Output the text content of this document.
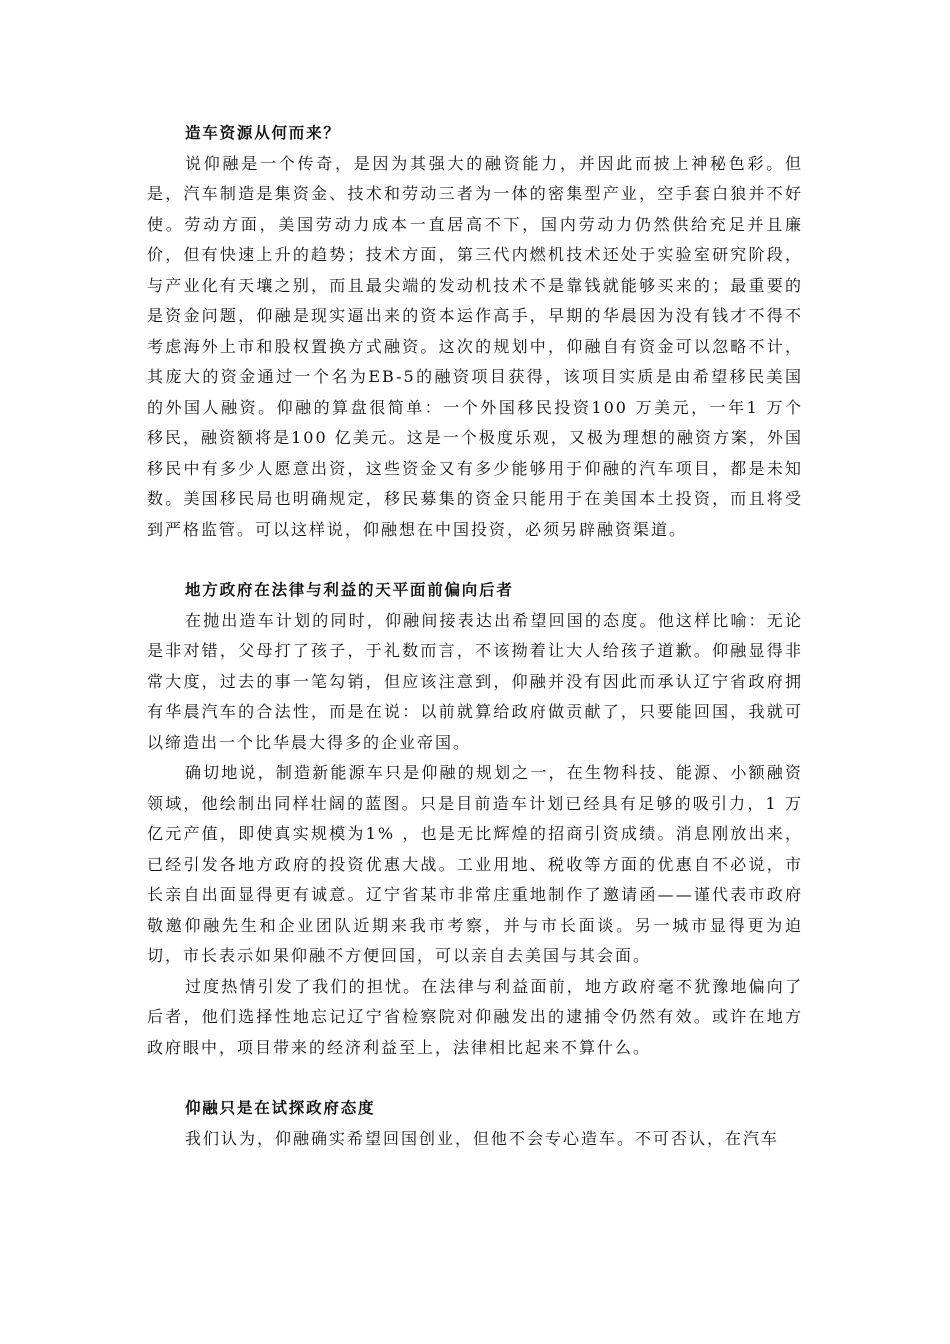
造车资源从何而来？

说仰融是一个传奇，是因为其强大的融资能力，并因此而披上神秘色彩。但是，汽车制造是集资金、技术和劳动三者为一体的密集型产业，空手套白狼并不好使。劳动方面，美国劳动力成本一直居高不下，国内劳动力仍然供给充足并且廉价，但有快速上升的趋势；技术方面，第三代内燃机技术还处于实验室研究阶段，与产业化有天壤之别，而且最尖端的发动机技术不是靠钱就能够买来的；最重要的是资金问题，仰融是现实逼出来的资本运作高手，早期的华晨因为没有钱才不得不考虑海外上市和股权置换方式融资。这次的规划中，仰融自有资金可以忽略不计，其庞大的资金通过一个名为EB-5的融资项目获得，该项目实质是由希望移民美国的外国人融资。仰融的算盘很简单：一个外国移民投资100 万美元，一年1 万个移民，融资额将是100 亿美元。这是一个极度乐观，又极为理想的融资方案，外国移民中有多少人愿意出资，这些资金又有多少能够用于仰融的汽车项目，都是未知数。美国移民局也明确规定，移民募集的资金只能用于在美国本土投资，而且将受到严格监管。可以这样说，仰融想在中国投资，必须另辟融资渠道。

地方政府在法律与利益的天平面前偏向后者

在抛出造车计划的同时，仰融间接表达出希望回国的态度。他这样比喻：无论是非对错，父母打了孩子，于礼数而言，不该拗着让大人给孩子道歉。仰融显得非常大度，过去的事一笔勾销，但应该注意到，仰融并没有因此而承认辽宁省政府拥有华晨汽车的合法性，而是在说：以前就算给政府做贡献了，只要能回国，我就可以缔造出一个比华晨大得多的企业帝国。

确切地说，制造新能源车只是仰融的规划之一，在生物科技、能源、小额融资领域，他绘制出同样壮阔的蓝图。只是目前造车计划已经具有足够的吸引力，1 万亿元产值，即使真实规模为1% ，也是无比辉煌的招商引资成绩。消息刚放出来，已经引发各地方政府的投资优惠大战。工业用地、税收等方面的优惠自不必说，市长亲自出面显得更有诚意。辽宁省某市非常庄重地制作了邀请函——谨代表市政府敬邀仰融先生和企业团队近期来我市考察，并与市长面谈。另一城市显得更为迫切，市长表示如果仰融不方便回国，可以亲自去美国与其会面。

过度热情引发了我们的担忧。在法律与利益面前，地方政府毫不犹豫地偏向了后者，他们选择性地忘记辽宁省检察院对仰融发出的逮捕令仍然有效。或许在地方政府眼中，项目带来的经济利益至上，法律相比起来不算什么。

仰融只是在试探政府态度

我们认为，仰融确实希望回国创业，但他不会专心造车。不可否认，在汽车
